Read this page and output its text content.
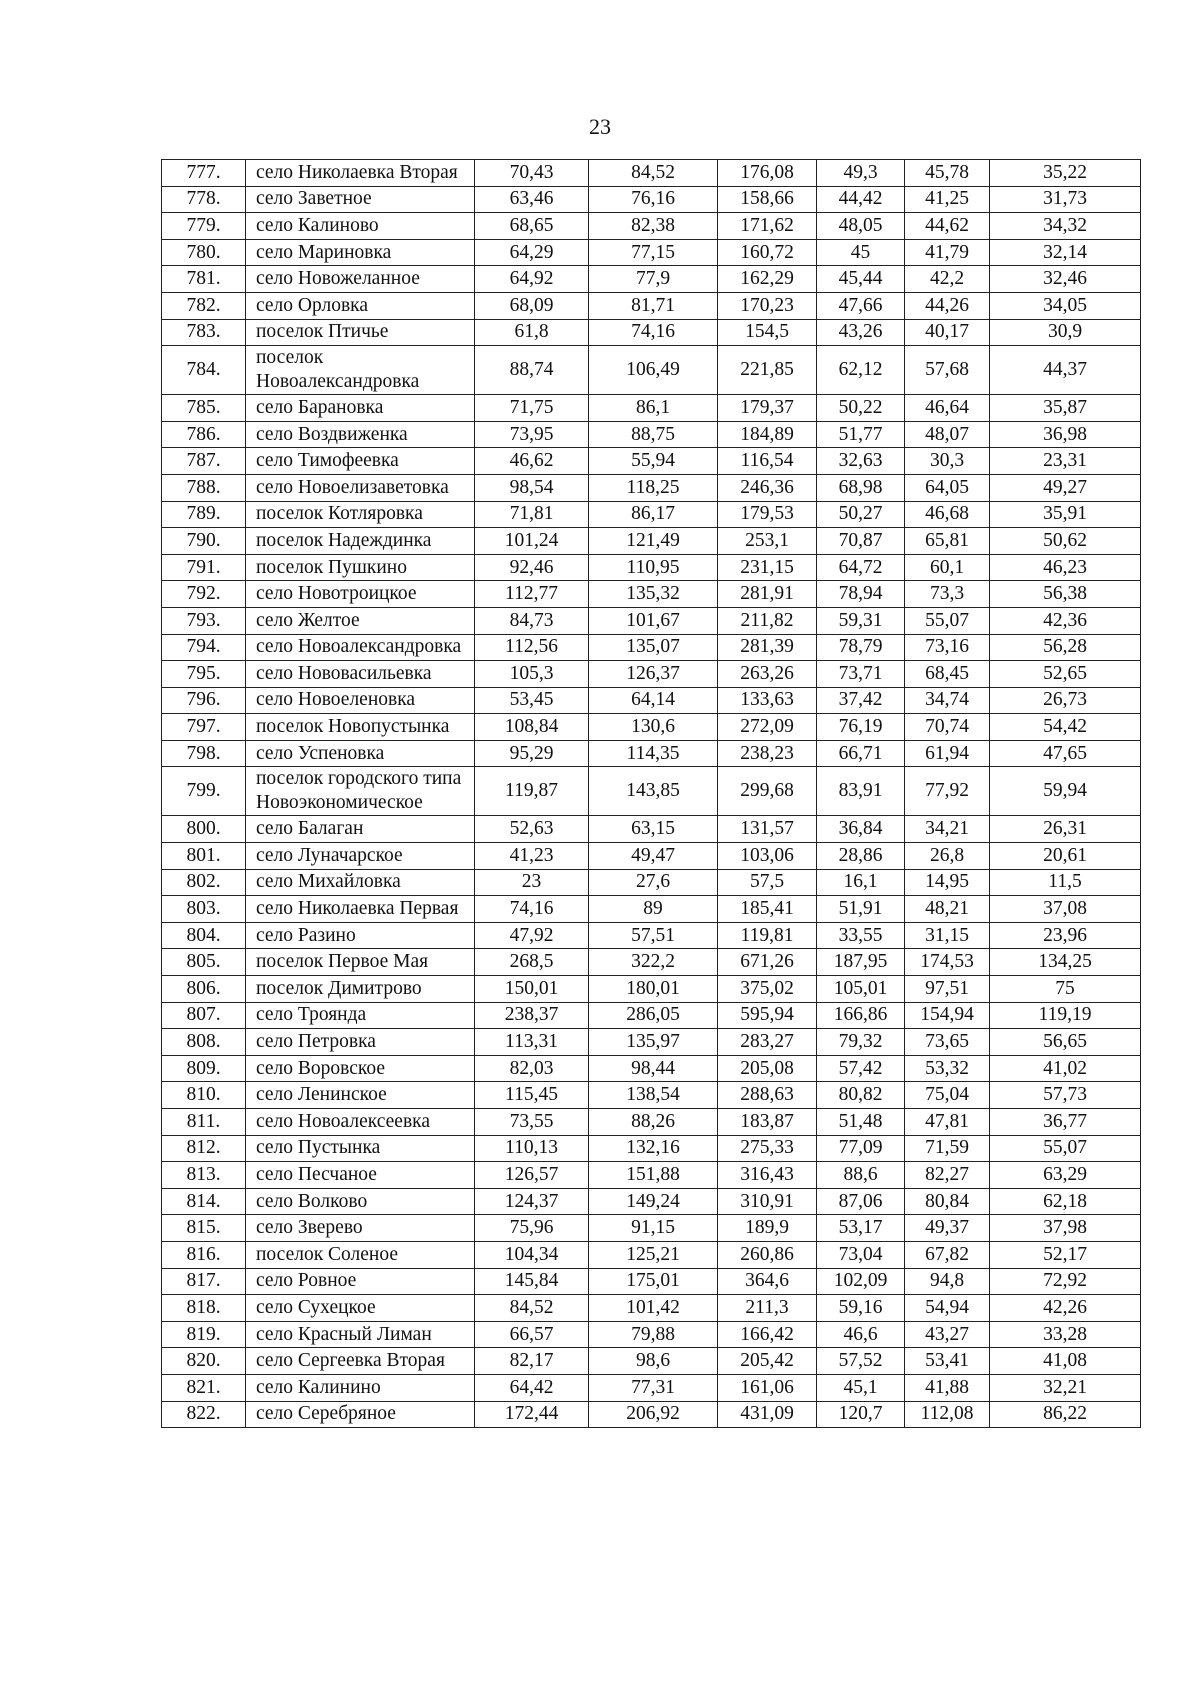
23
777.	село Николаевка Вторая	70,43	84,52	176,08	49,3	45,78	35,22
778.	село Заветное	63,46	76,16	158,66	44,42	41,25	31,73
779.	село Калиново	68,65	82,38	171,62	48,05	44,62	34,32
780.	село Мариновка	64,29	77,15	160,72	45	41,79	32,14
781.	село Новожеланное	64,92	77,9	162,29	45,44	42,2	32,46
782.	село Орловка	68,09	81,71	170,23	47,66	44,26	34,05
783.	поселок Птичье	61,8	74,16	154,5	43,26	40,17	30,9
784.	поселок Новоалександровка	88,74	106,49	221,85	62,12	57,68	44,37
785.	село Барановка	71,75	86,1	179,37	50,22	46,64	35,87
786.	село Воздвиженка	73,95	88,75	184,89	51,77	48,07	36,98
787.	село Тимофеевка	46,62	55,94	116,54	32,63	30,3	23,31
788.	село Новоелизаветовка	98,54	118,25	246,36	68,98	64,05	49,27
789.	поселок Котляровка	71,81	86,17	179,53	50,27	46,68	35,91
790.	поселок Надеждинка	101,24	121,49	253,1	70,87	65,81	50,62
791.	поселок Пушкино	92,46	110,95	231,15	64,72	60,1	46,23
792.	село Новотроицкое	112,77	135,32	281,91	78,94	73,3	56,38
793.	село Желтое	84,73	101,67	211,82	59,31	55,07	42,36
794.	село Новоалександровка	112,56	135,07	281,39	78,79	73,16	56,28
795.	село Нововасильевка	105,3	126,37	263,26	73,71	68,45	52,65
796.	село Новоеленовка	53,45	64,14	133,63	37,42	34,74	26,73
797.	поселок Новопустынка	108,84	130,6	272,09	76,19	70,74	54,42
798.	село Успеновка	95,29	114,35	238,23	66,71	61,94	47,65
799.	поселок городского типа Новоэкономическое	119,87	143,85	299,68	83,91	77,92	59,94
800.	село Балаган	52,63	63,15	131,57	36,84	34,21	26,31
801.	село Луначарское	41,23	49,47	103,06	28,86	26,8	20,61
802.	село Михайловка	23	27,6	57,5	16,1	14,95	11,5
803.	село Николаевка Первая	74,16	89	185,41	51,91	48,21	37,08
804.	село Разино	47,92	57,51	119,81	33,55	31,15	23,96
805.	поселок Первое Мая	268,5	322,2	671,26	187,95	174,53	134,25
806.	поселок Димитрово	150,01	180,01	375,02	105,01	97,51	75
807.	село Троянда	238,37	286,05	595,94	166,86	154,94	119,19
808.	село Петровка	113,31	135,97	283,27	79,32	73,65	56,65
809.	село Воровское	82,03	98,44	205,08	57,42	53,32	41,02
810.	село Ленинское	115,45	138,54	288,63	80,82	75,04	57,73
811.	село Новоалексеевка	73,55	88,26	183,87	51,48	47,81	36,77
812.	село Пустынка	110,13	132,16	275,33	77,09	71,59	55,07
813.	село Песчаное	126,57	151,88	316,43	88,6	82,27	63,29
814.	село Волково	124,37	149,24	310,91	87,06	80,84	62,18
815.	село Зверево	75,96	91,15	189,9	53,17	49,37	37,98
816.	поселок Соленое	104,34	125,21	260,86	73,04	67,82	52,17
817.	село Ровное	145,84	175,01	364,6	102,09	94,8	72,92
818.	село Сухецкое	84,52	101,42	211,3	59,16	54,94	42,26
819.	село Красный Лиман	66,57	79,88	166,42	46,6	43,27	33,28
820.	село Сергеевка Вторая	82,17	98,6	205,42	57,52	53,41	41,08
821.	село Калинино	64,42	77,31	161,06	45,1	41,88	32,21
822.	село Серебряное	172,44	206,92	431,09	120,7	112,08	86,22
